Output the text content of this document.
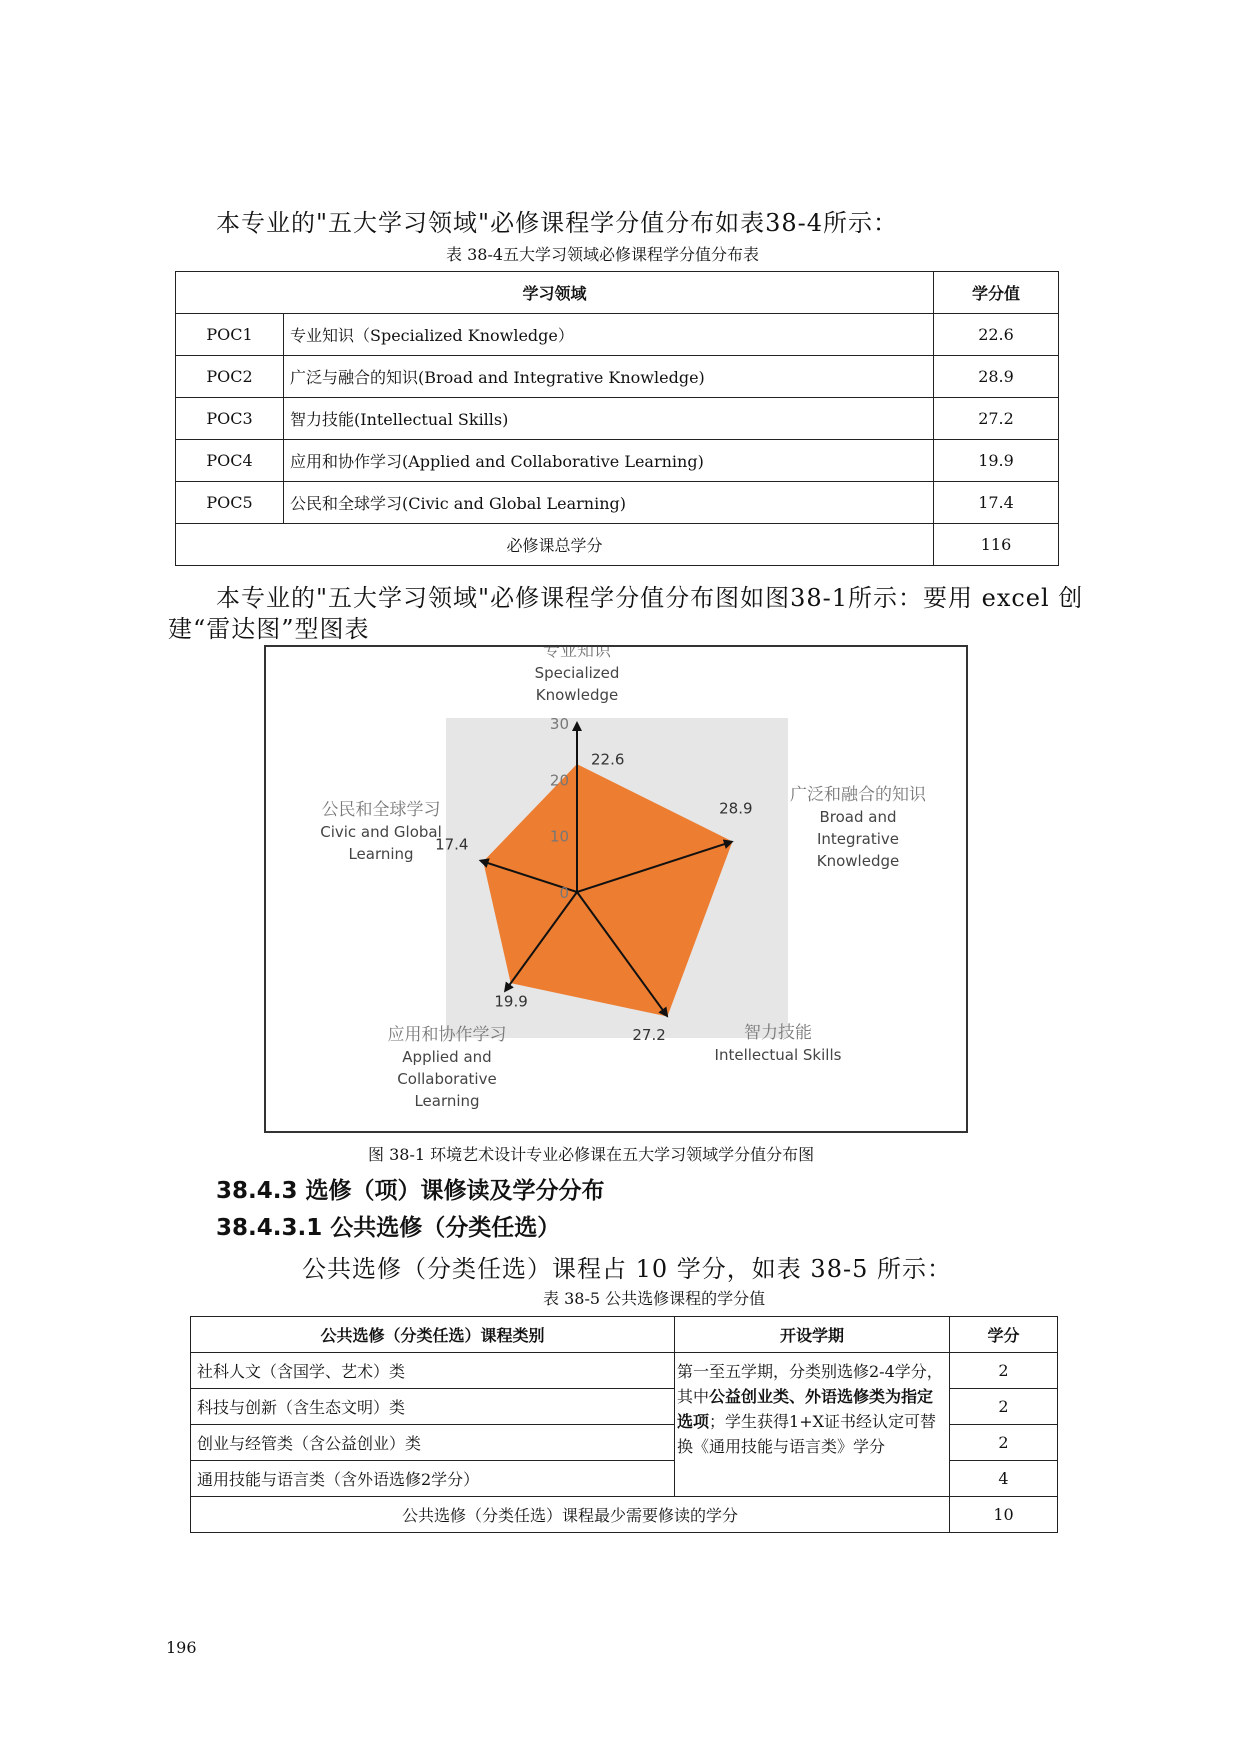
本专业的"五大学习领域"必修课程学分值分布如表38-4所示：
表 38-4五大学习领域必修课程学分值分布表
学习领域		学分值
POC1	专业知识（Specialized Knowledge）	22.6
POC2	广泛与融合的知识(Broad and Integrative Knowledge)	28.9
POC3	智力技能(Intellectual Skills)	27.2
POC4	应用和协作学习(Applied and Collaborative Learning)	19.9
POC5	公民和全球学习(Civic and Global Learning)	17.4
必修课总学分		116
本专业的"五大学习领域"必修课程学分值分布图如图38-1所示：要用 excel 创
建“雷达图”型图表
0
10
20
30
22.6
28.9
27.2
19.9
17.4
专业知识
Specialized
Knowledge
广泛和融合的知识
Broad and
Integrative
Knowledge
智力技能
Intellectual Skills
应用和协作学习
Applied and
Collaborative
Learning
公民和全球学习
Civic and Global
Learning
图 38-1 环境艺术设计专业必修课在五大学习领域学分值分布图
38.4.3 选修（项）课修读及学分分布
38.4.3.1 公共选修（分类任选）
公共选修（分类任选）课程占 10 学分，如表 38-5 所示：
表 38-5 公共选修课程的学分值
公共选修（分类任选）课程类别	开设学期	学分
社科人文（含国学、艺术）类	第一至五学期，分类别选修2-4学分，其中公益创业类、外语选修类为指定选项；学生获得1+X证书经认定可替换《通用技能与语言类》学分	2
科技与创新（含生态文明）类		2
创业与经管类（含公益创业）类		2
通用技能与语言类（含外语选修2学分）		4
公共选修（分类任选）课程最少需要修读的学分		10
196
